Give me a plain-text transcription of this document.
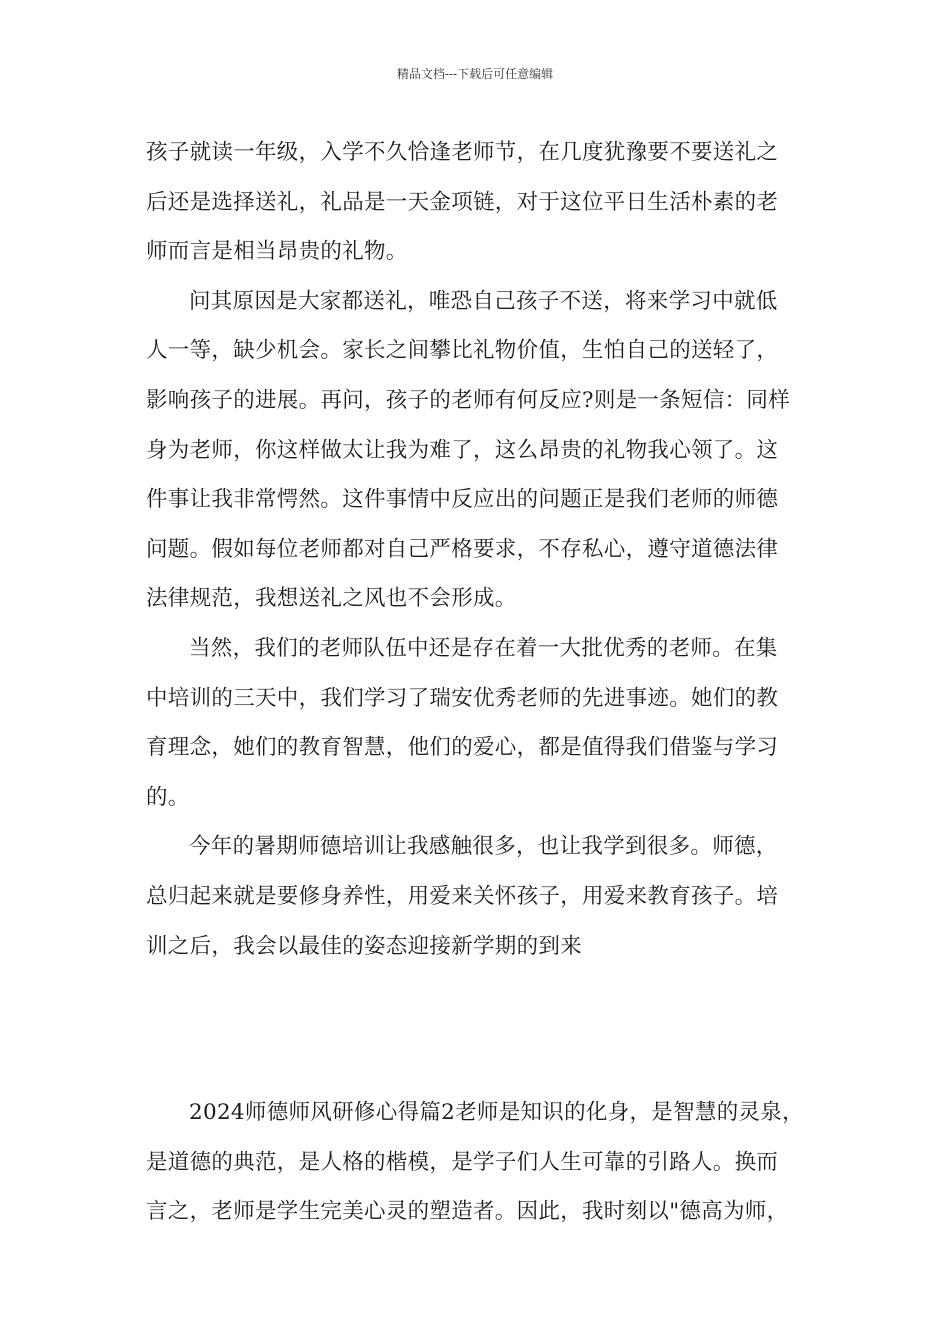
精品文档---下载后可任意编辑
孩子就读一年级，入学不久恰逢老师节，在几度犹豫要不要送礼之
后还是选择送礼，礼品是一天金项链，对于这位平日生活朴素的老
师而言是相当昂贵的礼物。
问其原因是大家都送礼，唯恐自己孩子不送，将来学习中就低
人一等，缺少机会。家长之间攀比礼物价值，生怕自己的送轻了，
影响孩子的进展。再问，孩子的老师有何反应?则是一条短信：同样
身为老师，你这样做太让我为难了，这么昂贵的礼物我心领了。这
件事让我非常愕然。这件事情中反应出的问题正是我们老师的师德
问题。假如每位老师都对自己严格要求，不存私心，遵守道德法律
法律规范，我想送礼之风也不会形成。
当然，我们的老师队伍中还是存在着一大批优秀的老师。在集
中培训的三天中，我们学习了瑞安优秀老师的先进事迹。她们的教
育理念，她们的教育智慧，他们的爱心，都是值得我们借鉴与学习
的。
今年的暑期师德培训让我感触很多，也让我学到很多。师德，
总归起来就是要修身养性，用爱来关怀孩子，用爱来教育孩子。培
训之后，我会以最佳的姿态迎接新学期的到来
2024师德师风研修心得篇2老师是知识的化身，是智慧的灵泉，
是道德的典范，是人格的楷模，是学子们人生可靠的引路人。换而
言之，老师是学生完美心灵的塑造者。因此，我时刻以"德高为师，
